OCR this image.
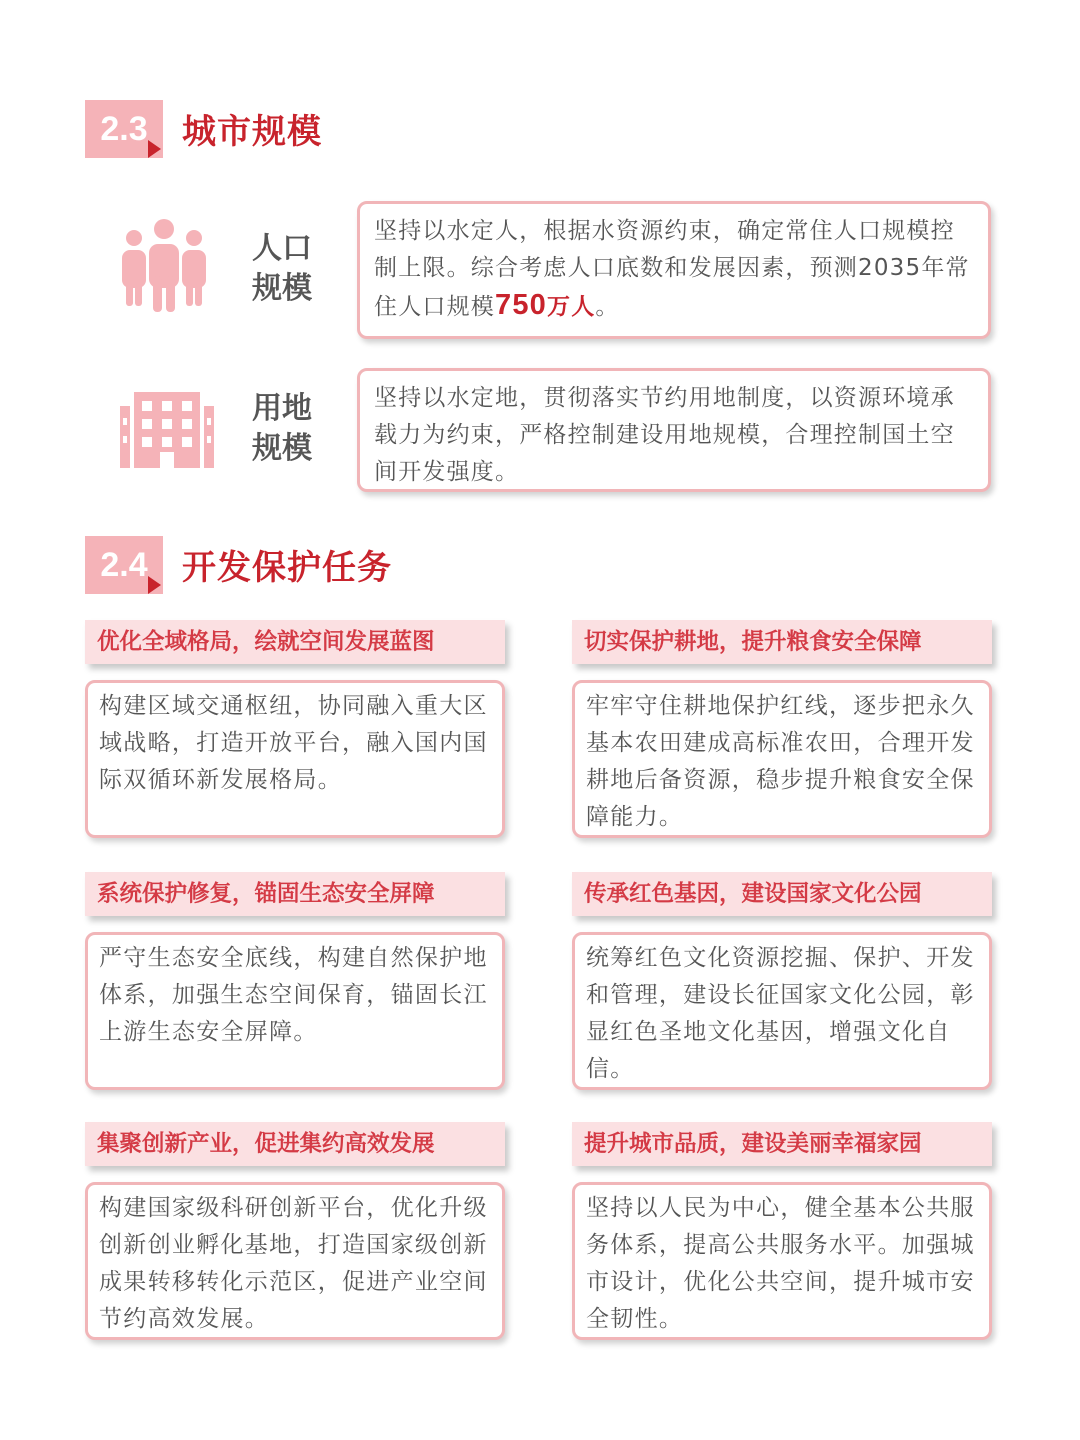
2.3	城市规模
人口
规模
坚持以水定人，根据水资源约束，确定常住人口规模控制上限。综合考虑人口底数和发展因素，预测2035年常住人口规模750万人。
用地
规模
坚持以水定地，贯彻落实节约用地制度，以资源环境承载力为约束，严格控制建设用地规模，合理控制国土空间开发强度。
2.4	开发保护任务
优化全域格局，绘就空间发展蓝图
构建区域交通枢纽，协同融入重大区域战略，打造开放平台，融入国内国际双循环新发展格局。
切实保护耕地，提升粮食安全保障
牢牢守住耕地保护红线，逐步把永久基本农田建成高标准农田，合理开发耕地后备资源，稳步提升粮食安全保障能力。
系统保护修复，锚固生态安全屏障
严守生态安全底线，构建自然保护地体系，加强生态空间保育，锚固长江上游生态安全屏障。
传承红色基因，建设国家文化公园
统筹红色文化资源挖掘、保护、开发和管理，建设长征国家文化公园，彰显红色圣地文化基因，增强文化自信。
集聚创新产业，促进集约高效发展
构建国家级科研创新平台，优化升级创新创业孵化基地，打造国家级创新成果转移转化示范区，促进产业空间节约高效发展。
提升城市品质，建设美丽幸福家园
坚持以人民为中心，健全基本公共服务体系，提高公共服务水平。加强城市设计，优化公共空间，提升城市安全韧性。
